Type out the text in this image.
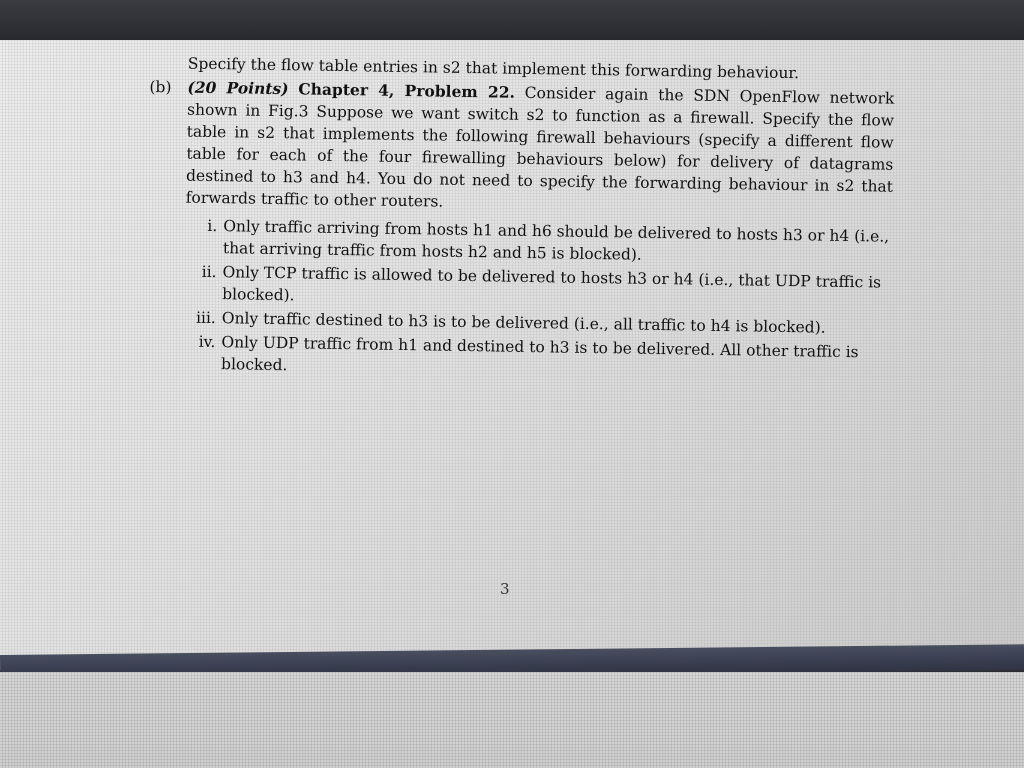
Specify the flow table entries in s2 that implement this forwarding behaviour.
(b)	(20 Points) Chapter 4, Problem 22. Consider again the SDN OpenFlow network shown in Fig.3 Suppose we want switch s2 to function as a firewall. Specify the flow table in s2 that implements the following firewall behaviours (specify a different flow table for each of the four firewalling behaviours below) for delivery of datagrams destined to h3 and h4. You do not need to specify the forwarding behaviour in s2 that forwards traffic to other routers.
i. Only traffic arriving from hosts h1 and h6 should be delivered to hosts h3 or h4 (i.e., that arriving traffic from hosts h2 and h5 is blocked).
ii. Only TCP traffic is allowed to be delivered to hosts h3 or h4 (i.e., that UDP traffic is blocked).
iii. Only traffic destined to h3 is to be delivered (i.e., all traffic to h4 is blocked).
iv. Only UDP traffic from h1 and destined to h3 is to be delivered. All other traffic is blocked.
3
